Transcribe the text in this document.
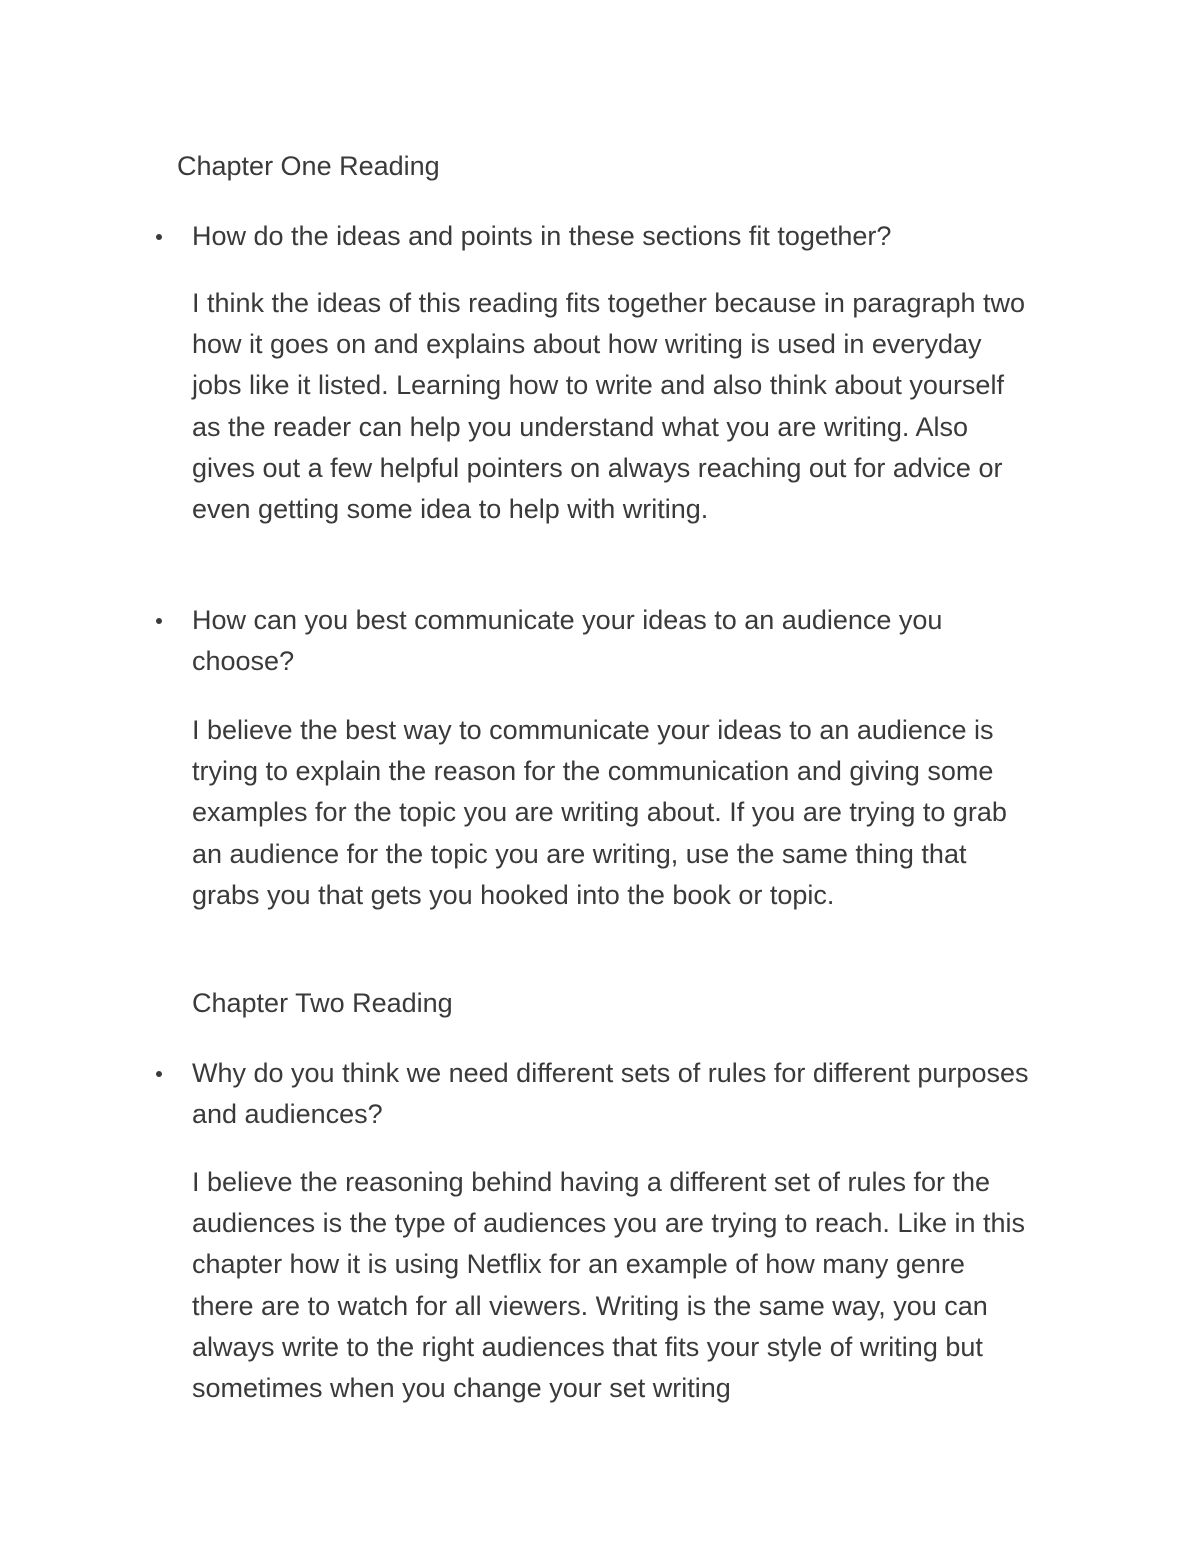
Chapter One Reading

How do the ideas and points in these sections fit together?

I think the ideas of this reading fits together because in paragraph two how it goes on and explains about how writing is used in everyday jobs like it listed. Learning how to write and also think about yourself as the reader can help you understand what you are writing. Also gives out a few helpful pointers on always reaching out for advice or even getting some idea to help with writing.

How can you best communicate your ideas to an audience you choose?

I believe the best way to communicate your ideas to an audience is trying to explain the reason for the communication and giving some examples for the topic you are writing about. If you are trying to grab an audience for the topic you are writing, use the same thing that grabs you that gets you hooked into the book or topic.

Chapter Two Reading

Why do you think we need different sets of rules for different purposes and audiences?

I believe the reasoning behind having a different set of rules for the audiences is the type of audiences you are trying to reach. Like in this chapter how it is using Netflix for an example of how many genre there are to watch for all viewers. Writing is the same way, you can always write to the right audiences that fits your style of writing but sometimes when you change your set writing
